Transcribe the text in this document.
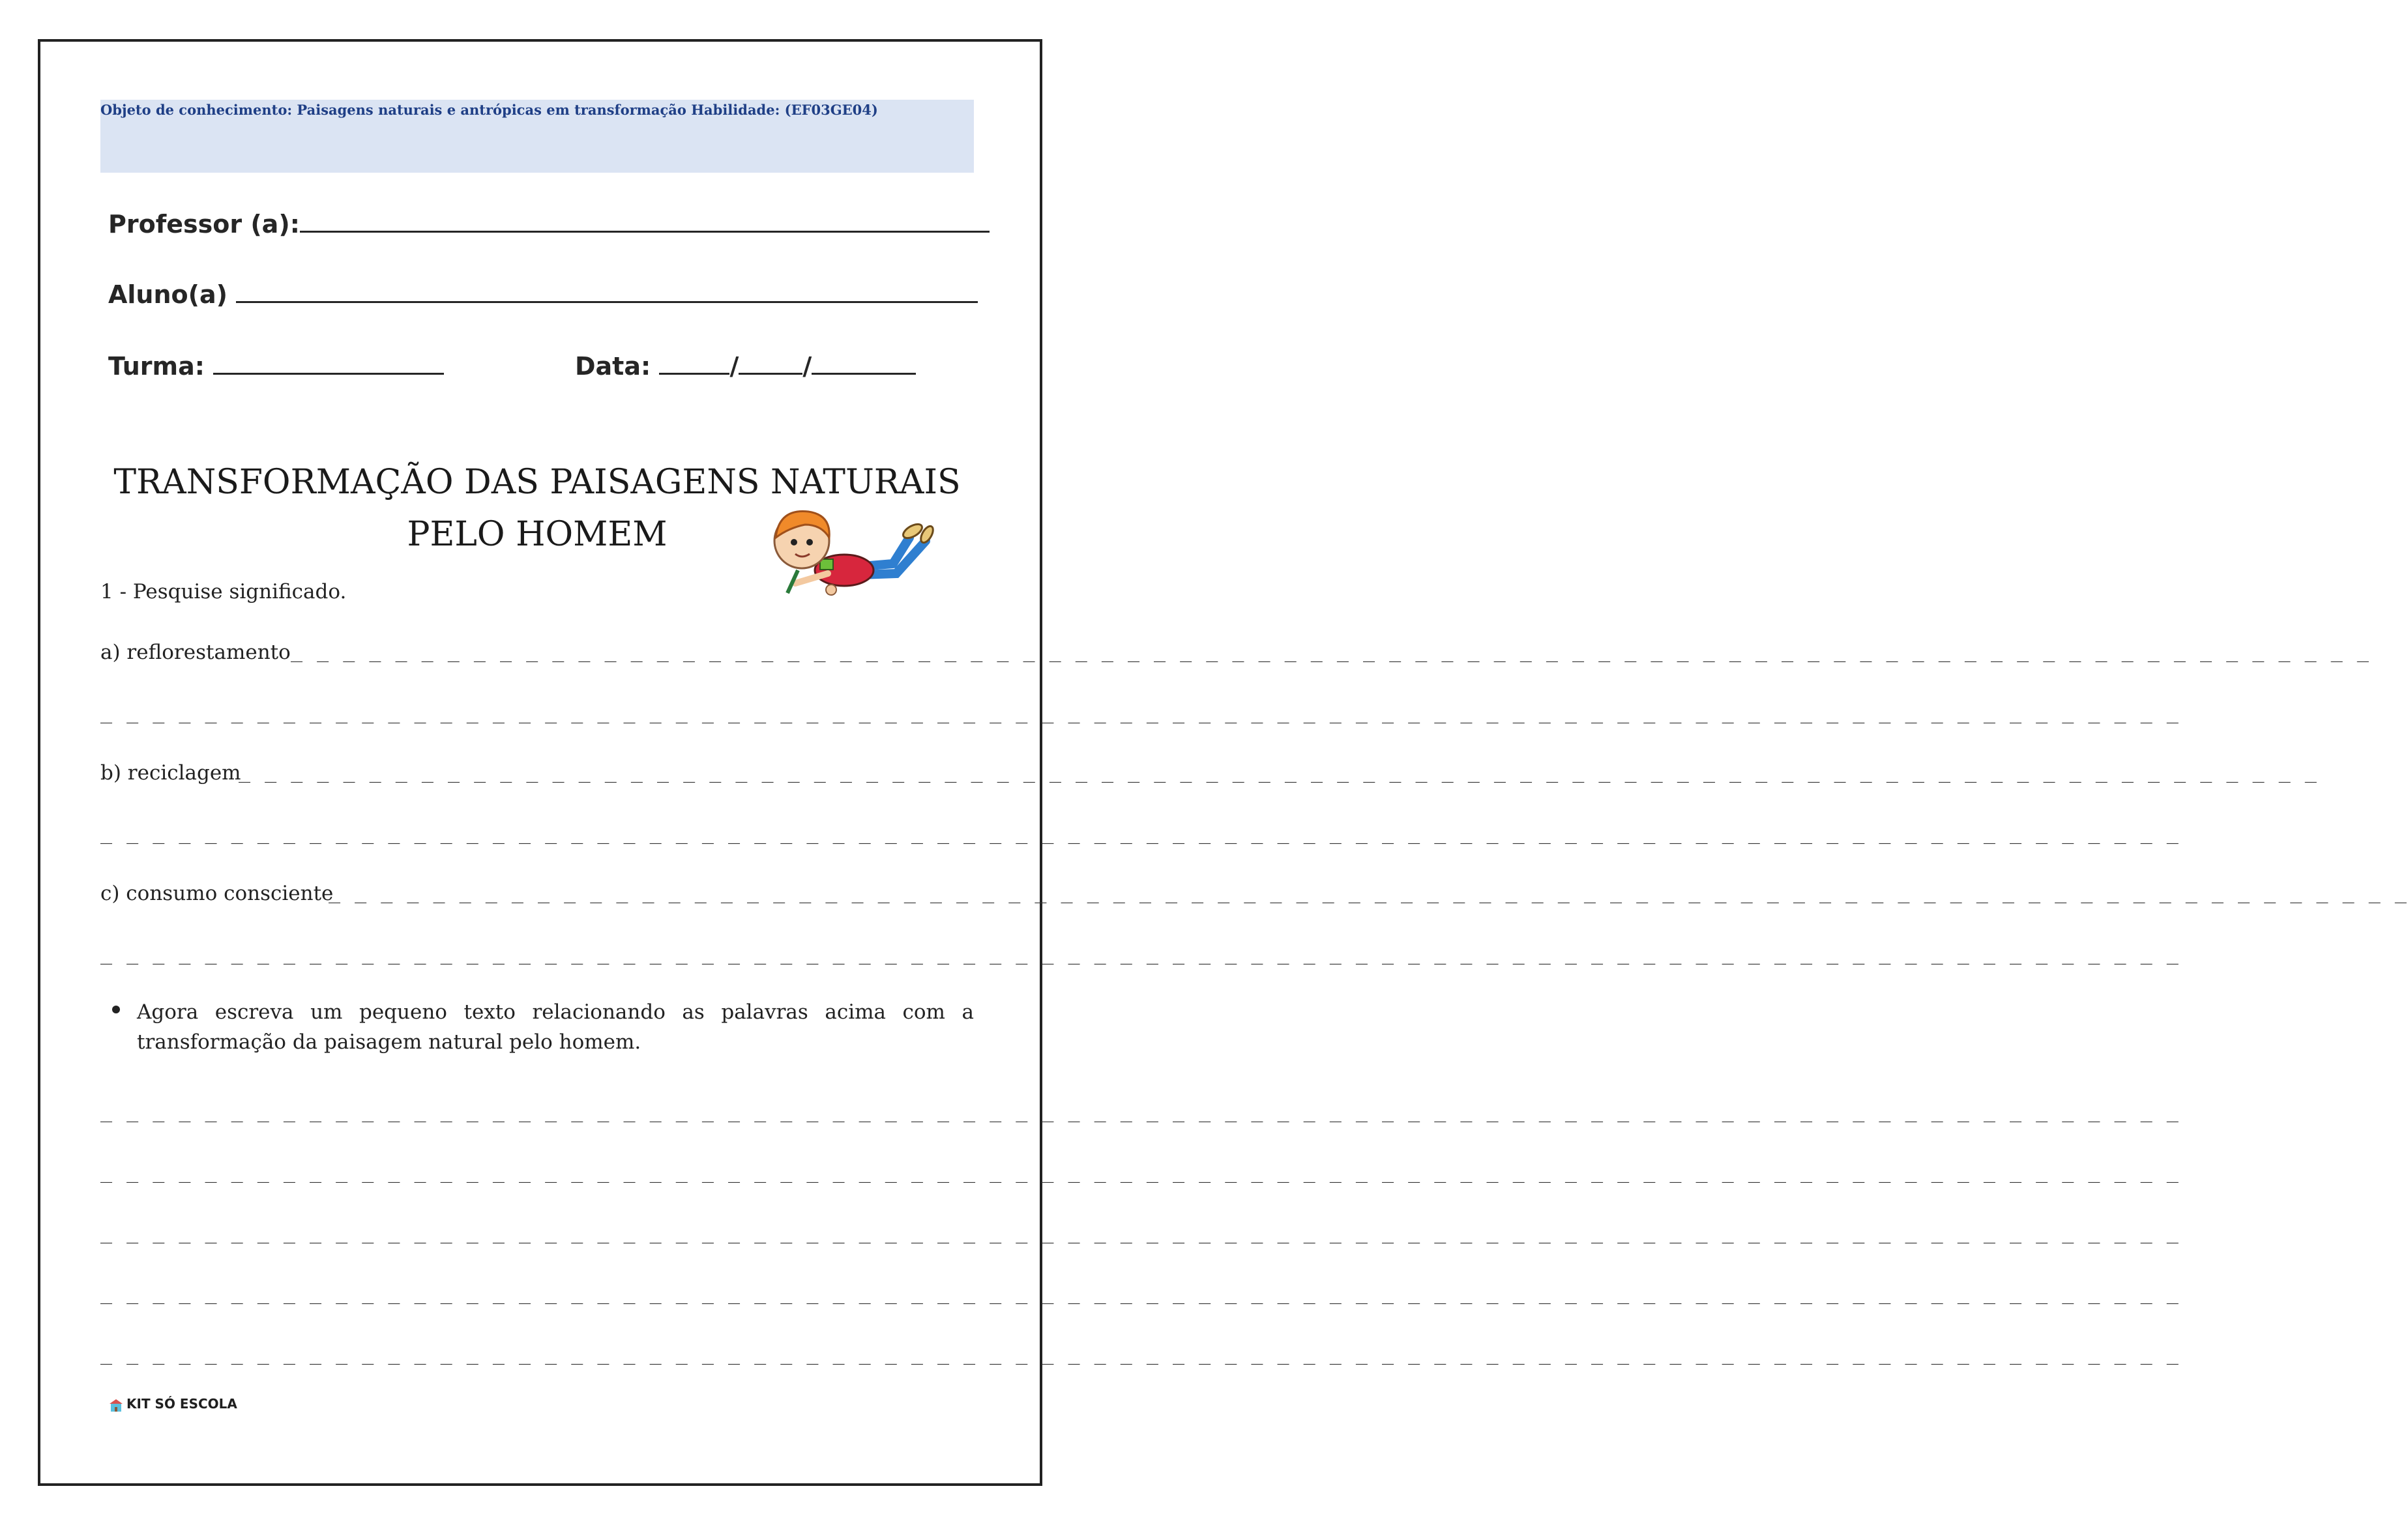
Objeto de conhecimento: Paisagens naturais e antrópicas em transformação Habilidade: (EF03GE04)
Professor (a):
Aluno(a)
Turma:	Data:	/	/
TRANSFORMAÇÃO DAS PAISAGENS NATURAIS
PELO HOMEM
1 - Pesquise significado.
a) reflorestamento _ _ _ _ _ _ _ _ _ _ _ _ _ _ _ _ _ _ _ _ _ _ _ _ _ _ _ _ _ _ _ _ _ _ _ _ _ _ _ _ _ _ _ _ _ _ _ _ _ _ _ _ _ _ _ _ _ _ _ _ _ _ _ _ _ _ _ _ _ _ _ _ _ _ _ _ _ _ _ _
_ _ _ _ _ _ _ _ _ _ _ _ _ _ _ _ _ _ _ _ _ _ _ _ _ _ _ _ _ _ _ _ _ _ _ _ _ _ _ _ _ _ _ _ _ _ _ _ _ _ _ _ _ _ _ _ _ _ _ _ _ _ _ _ _ _ _ _ _ _ _ _ _ _ _ _ _ _ _ _
b) reciclagem
_ _ _ _ _ _ _ _ _ _ _ _ _ _ _ _ _ _ _ _ _ _ _ _ _ _ _ _ _ _ _ _ _ _ _ _ _ _ _ _ _ _ _ _ _ _ _ _ _ _ _ _ _ _ _ _ _ _ _ _ _ _ _ _ _ _ _ _ _ _ _ _ _ _ _ _ _ _ _ _
_ _ _ _ _ _ _ _ _ _ _ _ _ _ _ _ _ _ _ _ _ _ _ _ _ _ _ _ _ _ _ _ _ _ _ _ _ _ _ _ _ _ _ _ _ _ _ _ _ _ _ _ _ _ _ _ _ _ _ _ _ _ _ _ _ _ _ _ _ _ _ _ _ _ _ _ _ _ _ _
c) consumo consciente
_ _ _ _ _ _ _ _ _ _ _ _ _ _ _ _ _ _ _ _ _ _ _ _ _ _ _ _ _ _ _ _ _ _ _ _ _ _ _ _ _ _ _ _ _ _ _ _ _ _ _ _ _ _ _ _ _ _ _ _ _ _ _ _ _ _ _ _ _ _ _ _ _ _ _ _ _ _ _ _
_ _ _ _ _ _ _ _ _ _ _ _ _ _ _ _ _ _ _ _ _ _ _ _ _ _ _ _ _ _ _ _ _ _ _ _ _ _ _ _ _ _ _ _ _ _ _ _ _ _ _ _ _ _ _ _ _ _ _ _ _ _ _ _ _ _ _ _ _ _ _ _ _ _ _ _ _ _ _ _
Agora escreva um pequeno texto relacionando as palavras acima com a transformação da paisagem natural pelo homem.
_ _ _ _ _ _ _ _ _ _ _ _ _ _ _ _ _ _ _ _ _ _ _ _ _ _ _ _ _ _ _ _ _ _ _ _ _ _ _ _ _ _ _ _ _ _ _ _ _ _ _ _ _ _ _ _ _ _ _ _ _ _ _ _ _ _ _ _ _ _ _ _ _ _ _ _ _ _ _ _
_ _ _ _ _ _ _ _ _ _ _ _ _ _ _ _ _ _ _ _ _ _ _ _ _ _ _ _ _ _ _ _ _ _ _ _ _ _ _ _ _ _ _ _ _ _ _ _ _ _ _ _ _ _ _ _ _ _ _ _ _ _ _ _ _ _ _ _ _ _ _ _ _ _ _ _ _ _ _ _
_ _ _ _ _ _ _ _ _ _ _ _ _ _ _ _ _ _ _ _ _ _ _ _ _ _ _ _ _ _ _ _ _ _ _ _ _ _ _ _ _ _ _ _ _ _ _ _ _ _ _ _ _ _ _ _ _ _ _ _ _ _ _ _ _ _ _ _ _ _ _ _ _ _ _ _ _ _ _ _
_ _ _ _ _ _ _ _ _ _ _ _ _ _ _ _ _ _ _ _ _ _ _ _ _ _ _ _ _ _ _ _ _ _ _ _ _ _ _ _ _ _ _ _ _ _ _ _ _ _ _ _ _ _ _ _ _ _ _ _ _ _ _ _ _ _ _ _ _ _ _ _ _ _ _ _ _ _ _ _
_ _ _ _ _ _ _ _ _ _ _ _ _ _ _ _ _ _ _ _ _ _ _ _ _ _ _ _ _ _ _ _ _ _ _ _ _ _ _ _ _ _ _ _ _ _ _ _ _ _ _ _ _ _ _ _ _ _ _ _ _ _ _ _ _ _ _ _ _ _ _ _ _ _ _ _ _ _ _ _
KIT SÓ ESCOLA
